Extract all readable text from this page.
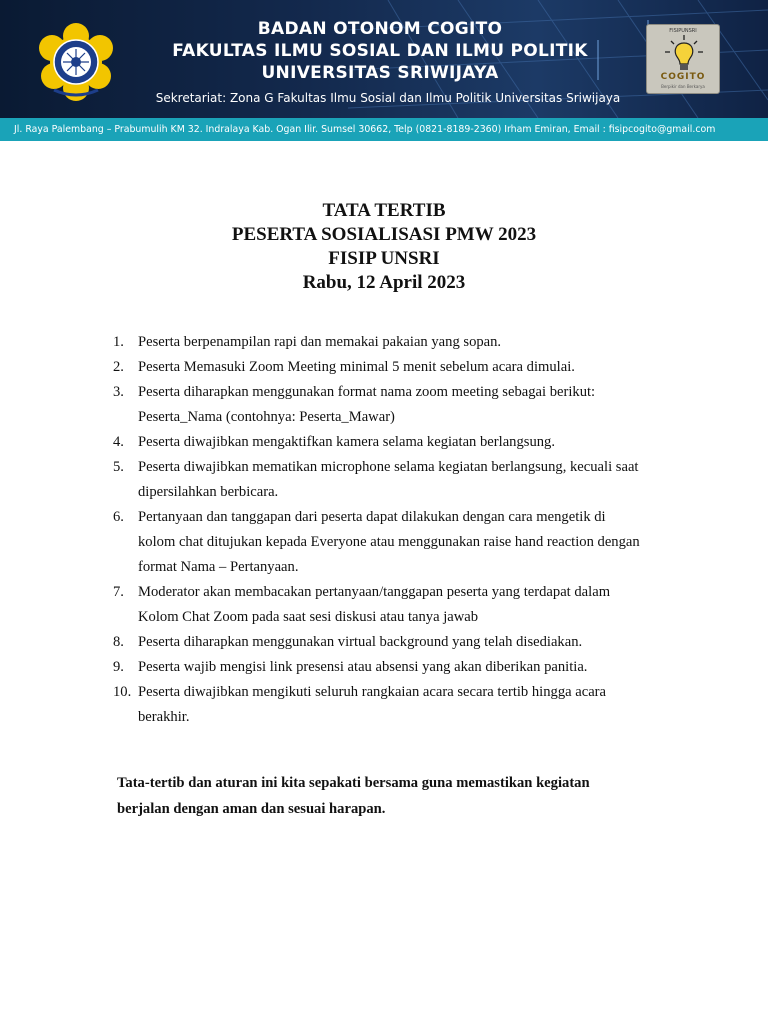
BADAN OTONOM COGITO
FAKULTAS ILMU SOSIAL DAN ILMU POLITIK
UNIVERSITAS SRIWIJAYA
Sekretariat: Zona G Fakultas Ilmu Sosial dan Ilmu Politik Universitas Sriwijaya
FISIPUNSRI
COGITO
Berpikir dan Berkarya
Jl. Raya Palembang – Prabumulih KM 32. Indralaya Kab. Ogan Ilir. Sumsel 30662, Telp (0821-8189-2360) Irham Emiran, Email : fisipcogito@gmail.com
TATA TERTIB
PESERTA SOSIALISASI PMW 2023
FISIP UNSRI
Rabu, 12 April 2023
1. Peserta berpenampilan rapi dan memakai pakaian yang sopan.
2. Peserta Memasuki Zoom Meeting minimal 5 menit sebelum acara dimulai.
3. Peserta diharapkan menggunakan format nama zoom meeting sebagai berikut:
Peserta_Nama (contohnya: Peserta_Mawar)
4. Peserta diwajibkan mengaktifkan kamera selama kegiatan berlangsung.
5. Peserta diwajibkan mematikan microphone selama kegiatan berlangsung, kecuali saat
dipersilahkan berbicara.
6. Pertanyaan dan tanggapan dari peserta dapat dilakukan dengan cara mengetik di
kolom chat ditujukan kepada Everyone atau menggunakan raise hand reaction dengan
format Nama – Pertanyaan.
7. Moderator akan membacakan pertanyaan/tanggapan peserta yang terdapat dalam
Kolom Chat Zoom pada saat sesi diskusi atau tanya jawab
8. Peserta diharapkan menggunakan virtual background yang telah disediakan.
9. Peserta wajib mengisi link presensi atau absensi yang akan diberikan panitia.
10. Peserta diwajibkan mengikuti seluruh rangkaian acara secara tertib hingga acara
berakhir.
Tata-tertib dan aturan ini kita sepakati bersama guna memastikan kegiatan
berjalan dengan aman dan sesuai harapan.
